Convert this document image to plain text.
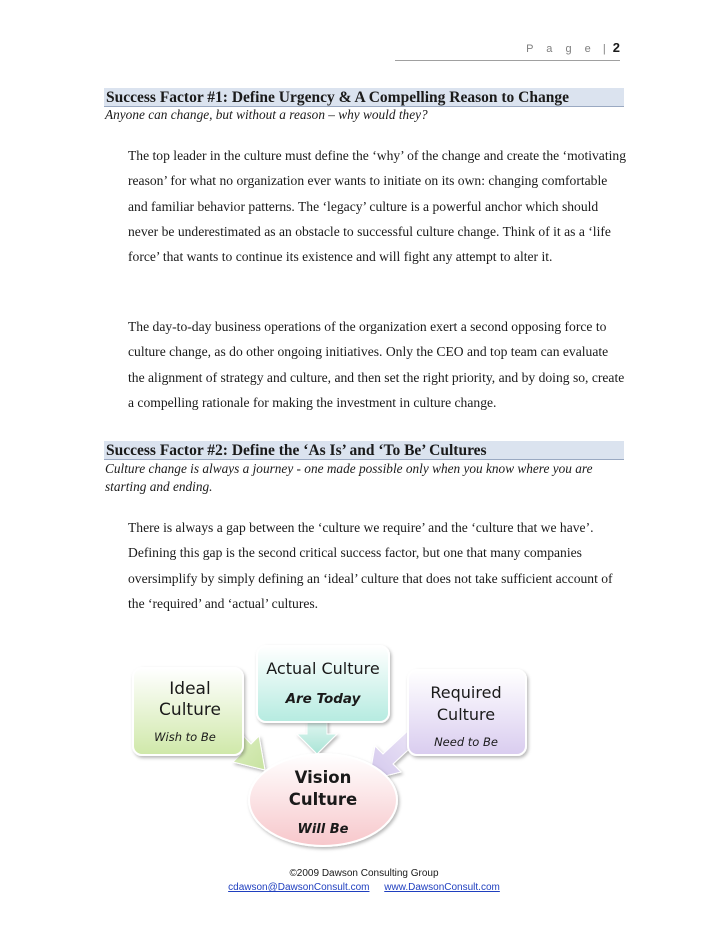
P a g e | 2
Success Factor #1: Define Urgency & A Compelling Reason to Change
Anyone can change, but without a reason – why would they?

The top leader in the culture must define the ‘why’ of the change and create the ‘motivating reason’ for what no organization ever wants to initiate on its own: changing comfortable and familiar behavior patterns. The ‘legacy’ culture is a powerful anchor which should never be underestimated as an obstacle to successful culture change. Think of it as a ‘life force’ that wants to continue its existence and will fight any attempt to alter it.

The day-to-day business operations of the organization exert a second opposing force to culture change, as do other ongoing initiatives. Only the CEO and top team can evaluate the alignment of strategy and culture, and then set the right priority, and by doing so, create a compelling rationale for making the investment in culture change.

Success Factor #2: Define the ‘As Is’ and ‘To Be’ Cultures
Culture change is always a journey - one made possible only when you know where you are starting and ending.

There is always a gap between the ‘culture we require’ and the ‘culture that we have’. Defining this gap is the second critical success factor, but one that many companies oversimplify by simply defining an ‘ideal’ culture that does not take sufficient account of the ‘required’ and ‘actual’ cultures.

Ideal
Culture
Wish to Be
Actual Culture
Are Today	Required
Culture
Need to Be
Vision
Culture
Will Be
©2009 Dawson Consulting Group
cdawson@DawsonConsult.com www.DawsonConsult.com
